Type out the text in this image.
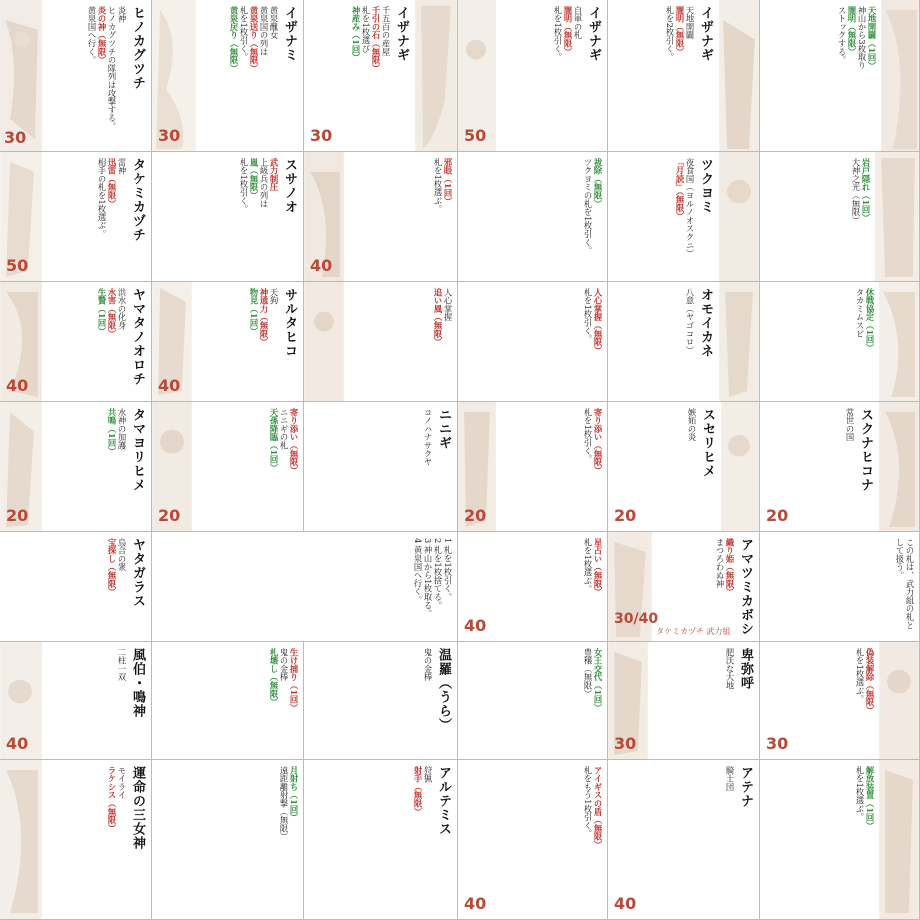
ヒノカグツチ

炎神

ヒノカグツチの隊列は攻撃する。

炎の神（無限）

黄泉国へ行く。

30
イザナミ

黄泉醜女

黄泉国の列は

黄泉送り（無限）

札を1枚引く。

黄泉戻り（無限）

30
イザナギ

千五百の産屋

千引の石（無限）

札を1枚選び

神産み（1回）

30
イザナギ

自軍の札

闇明（無限）

札を1枚引く。

50
イザナギ

天地開闢

闇明（無限）

札を2枚引く。	天地開闢（1回）

神山から3枚取り

闇明（無限）

ストックする。

タケミカヅチ

雷神

迅雷（無限）

相手の札を1枚選ぶ。

50
スサノオ

武力制圧

上級兵の列は

嵐（無限）

札を1枚引く。	邪眼（1回）

札を1枚選ぶ。

40

祓除（無限）

ツクヨミの札を1枚引く。	ツクヨミ

夜食国（ヨルノオスクニ）

「月読」（無限）	岩戸隠れ（1回）

大神之光（無限）

ヤマタノオロチ

洪水の化身

水害（無限）

生贄（1回）

40
サルタヒコ

天狗

神通力（無限）

物見（1回）

40

人心掌握

追い風（無限）	人心掌握（無限）

札を1枚引く。	オモイカネ

八意（ヤゴコロ）	休戦協定（1回）

タカミムスビ

タマヨリヒメ

水神の加護

共鳴（1回）

20

寄り添い（無限）

ニニギの札

天孫降臨（1回）

20
ニニギ

コノハナサクヤ	寄り添い（無限）

札を1枚引く。

20
スセリヒメ

嫉妬の炎

20
スクナヒコナ

常世の国

20
ヤタガラス

烏合の衆

宝探し（無限）	1 札を1枚引く。

2 札を1枚捨てる。

3 神山から1枚取る。

4 黄泉国へ行く。	星占い（無限）

札を1枚選ぶ。

40	アマツミカボシ

織り姫（無限）

まつろわぬ神

30/40
タケミカヅチ 武力組

この札は、武力組の札として扱う。

風伯・鳴神

二柱一双

40

生け捕り（1回）

鬼の金棒

札壊し（無限）	温羅（うら）

鬼の金棒	女王交代（1回）

豊穣（無限）	卑弥呼

肥沃な大地

30

偽装解除（無限）

札を1枚選ぶ。

30
運命の三女神

モイライ

ラケシス（無限）	月射ち（1回）

遠距離射撃（無限）	アルテミス

狩猟

射手（無限）	アイギスの盾（無限）

札をもう1枚引く。

40
アテナ

騎士団

40

解放装置（1回）

札を1枚選ぶ。
